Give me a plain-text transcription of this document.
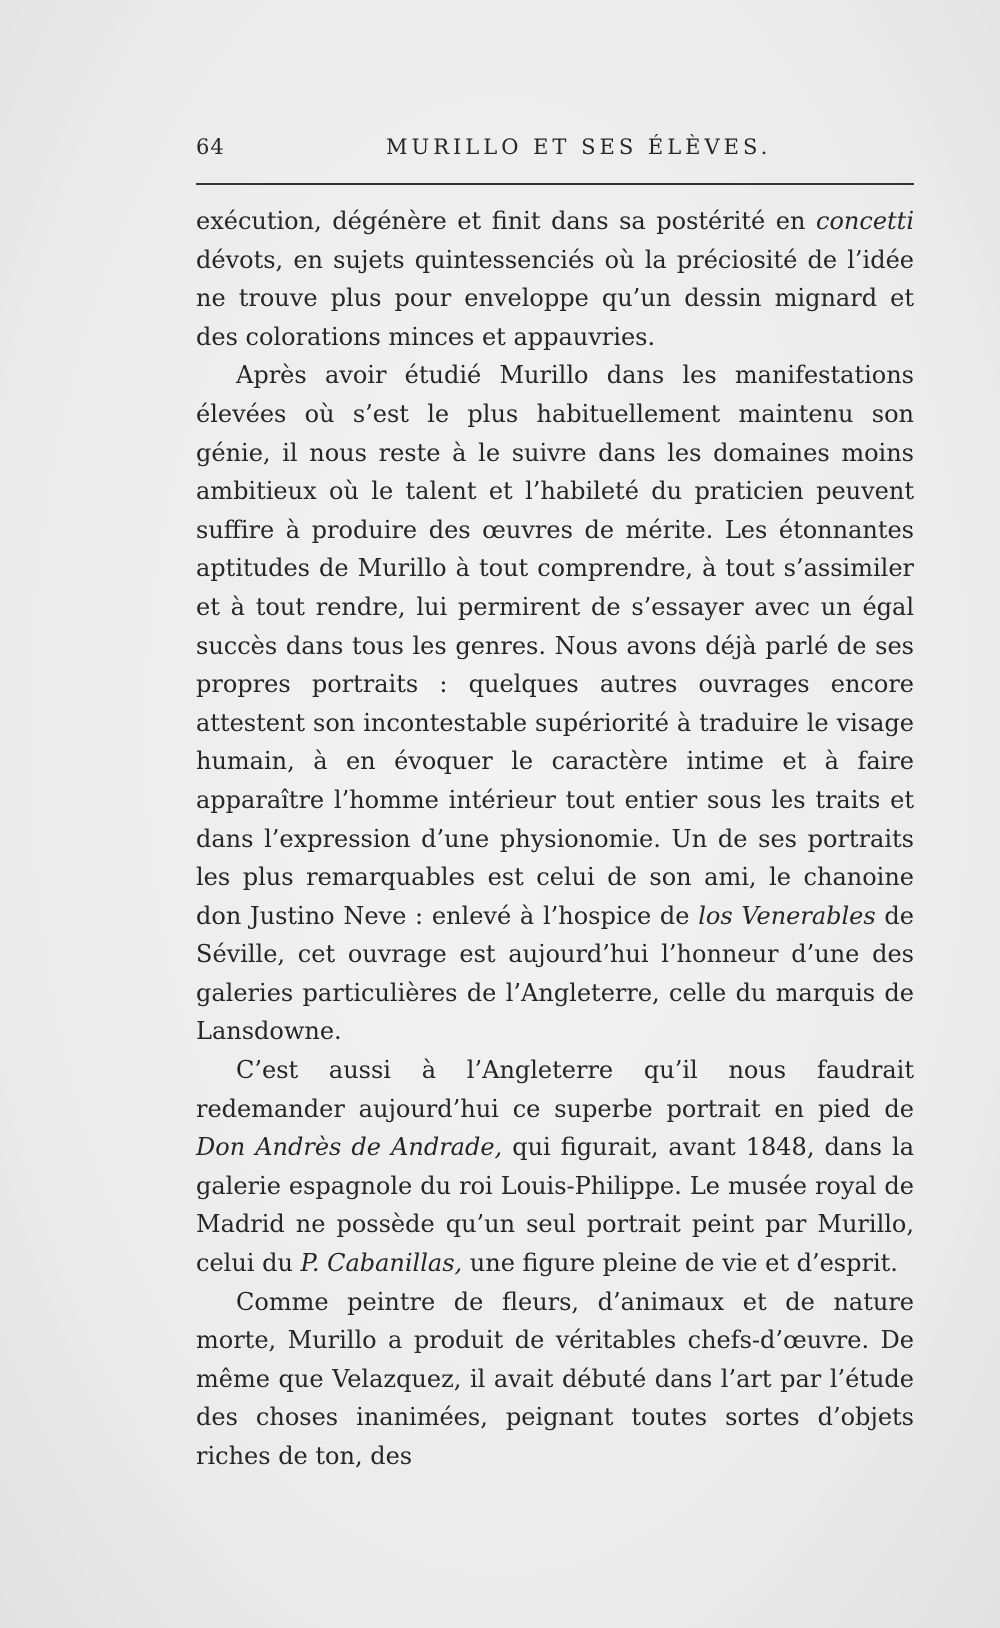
64	MURILLO ET SES ÉLÈVES.

exécution, dégénère et finit dans sa postérité en concetti dévots, en sujets quintessenciés où la préciosité de l’idée ne trouve plus pour enveloppe qu’un dessin mignard et des colorations minces et appauvries.

Après avoir étudié Murillo dans les manifestations élevées où s’est le plus habituellement maintenu son génie, il nous reste à le suivre dans les domaines moins ambitieux où le talent et l’habileté du praticien peuvent suffire à produire des œuvres de mérite. Les étonnantes aptitudes de Murillo à tout comprendre, à tout s’assimiler et à tout rendre, lui permirent de s’essayer avec un égal succès dans tous les genres. Nous avons déjà parlé de ses propres portraits : quelques autres ouvrages encore attestent son incontestable supériorité à traduire le visage humain, à en évoquer le caractère intime et à faire apparaître l’homme intérieur tout entier sous les traits et dans l’expression d’une physionomie. Un de ses portraits les plus remarquables est celui de son ami, le chanoine don Justino Neve : enlevé à l’hospice de los Venerables de Séville, cet ouvrage est aujourd’hui l’honneur d’une des galeries particulières de l’Angleterre, celle du marquis de Lansdowne.

C’est aussi à l’Angleterre qu’il nous faudrait redemander aujourd’hui ce superbe portrait en pied de Don Andrès de Andrade, qui figurait, avant 1848, dans la galerie espagnole du roi Louis-Philippe. Le musée royal de Madrid ne possède qu’un seul portrait peint par Murillo, celui du P. Cabanillas, une figure pleine de vie et d’esprit.

Comme peintre de fleurs, d’animaux et de nature morte, Murillo a produit de véritables chefs-d’œuvre. De même que Velazquez, il avait débuté dans l’art par l’étude des choses inanimées, peignant toutes sortes d’objets riches de ton, des
